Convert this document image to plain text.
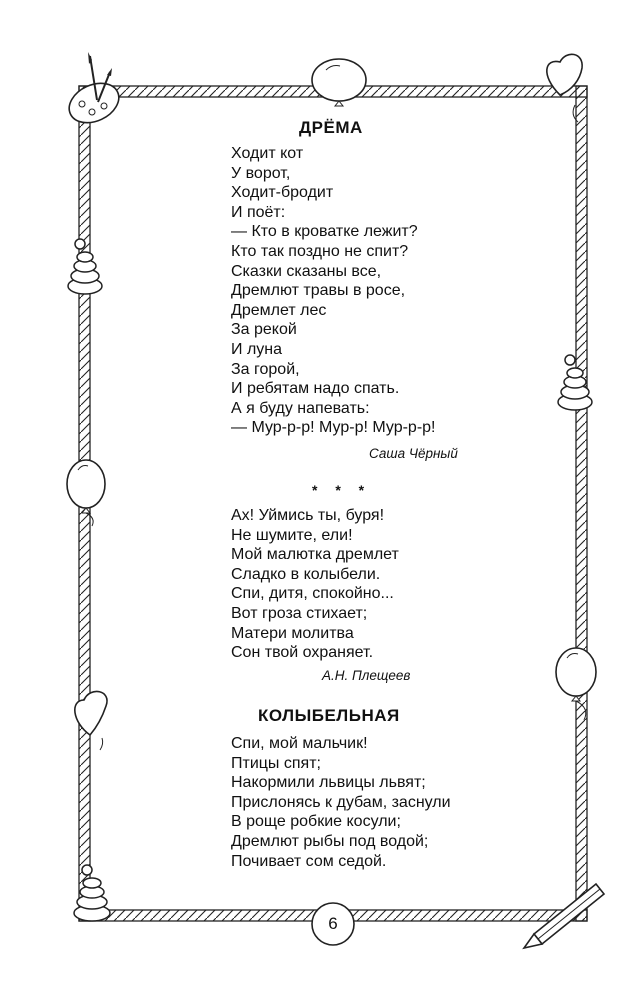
ДРЁМА
Ходит кот
У ворот,
Ходит-бродит
И поёт:
— Кто в кроватке лежит?
Кто так поздно не спит?
Сказки сказаны все,
Дремлют травы в росе,
Дремлет лес
За рекой
И луна
За горой,
И ребятам надо спать.
А я буду напевать:
— Мур-р-р! Мур-р! Мур-р-р!
Саша Чёрный
* * *
Ах! Уймись ты, буря!
Не шумите, ели!
Мой малютка дремлет
Сладко в колыбели.
Спи, дитя, спокойно...
Вот гроза стихает;
Матери молитва
Сон твой охраняет.
А.Н. Плещеев
КОЛЫБЕЛЬНАЯ
Спи, мой мальчик!
Птицы спят;
Накормили львицы львят;
Прислонясь к дубам, заснули
В роще робкие косули;
Дремлют рыбы под водой;
Почивает сом седой.
6
